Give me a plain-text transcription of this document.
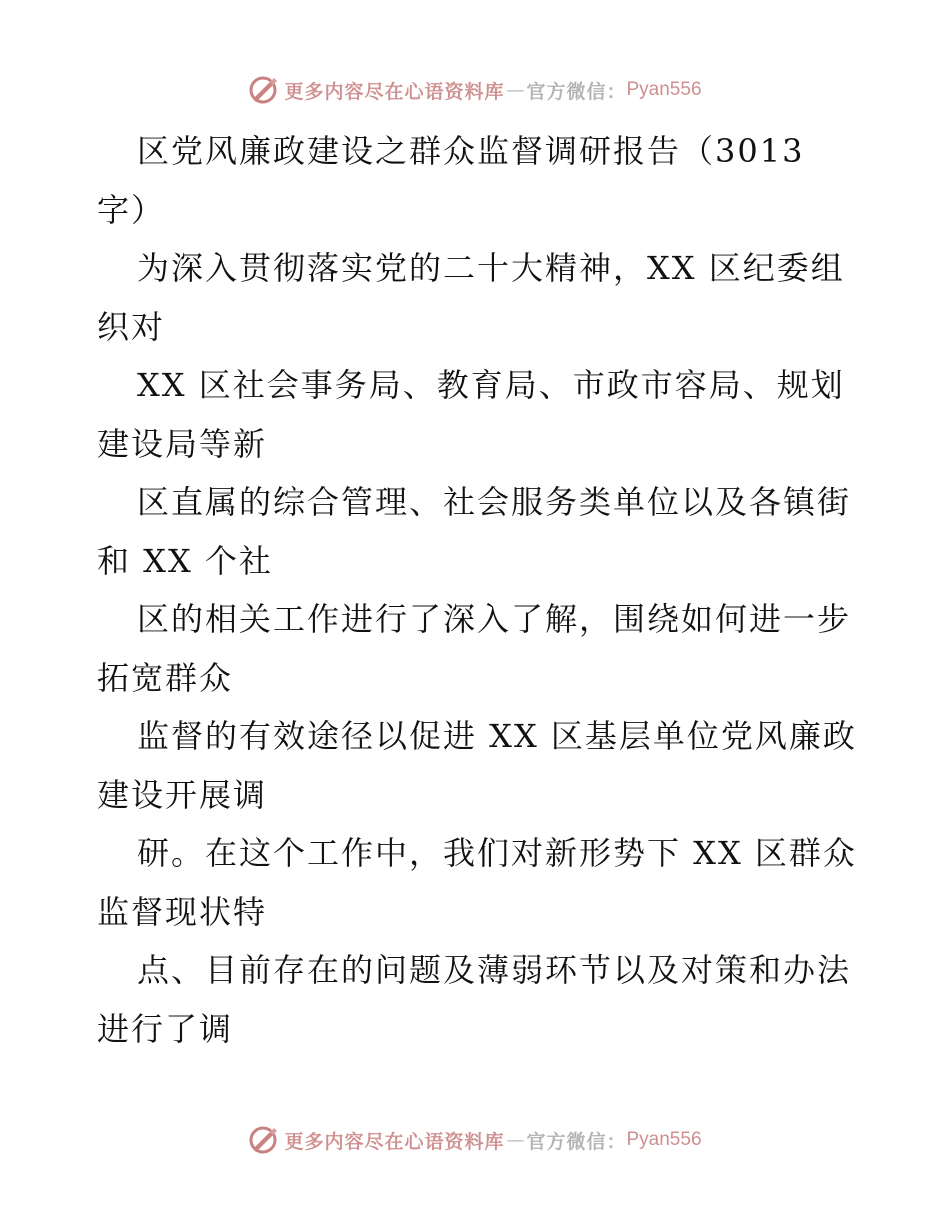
更多内容尽在心语资料库 — 官方微信： Pyan556
区党风廉政建设之群众监督调研报告（3013
字）
为深入贯彻落实党的二十大精神，XX 区纪委组
织对
XX 区社会事务局、教育局、市政市容局、规划
建设局等新
区直属的综合管理、社会服务类单位以及各镇街
和 XX 个社
区的相关工作进行了深入了解，围绕如何进一步
拓宽群众
监督的有效途径以促进 XX 区基层单位党风廉政
建设开展调
研。在这个工作中，我们对新形势下 XX 区群众
监督现状特
点、目前存在的问题及薄弱环节以及对策和办法
进行了调
更多内容尽在心语资料库 — 官方微信： Pyan556
